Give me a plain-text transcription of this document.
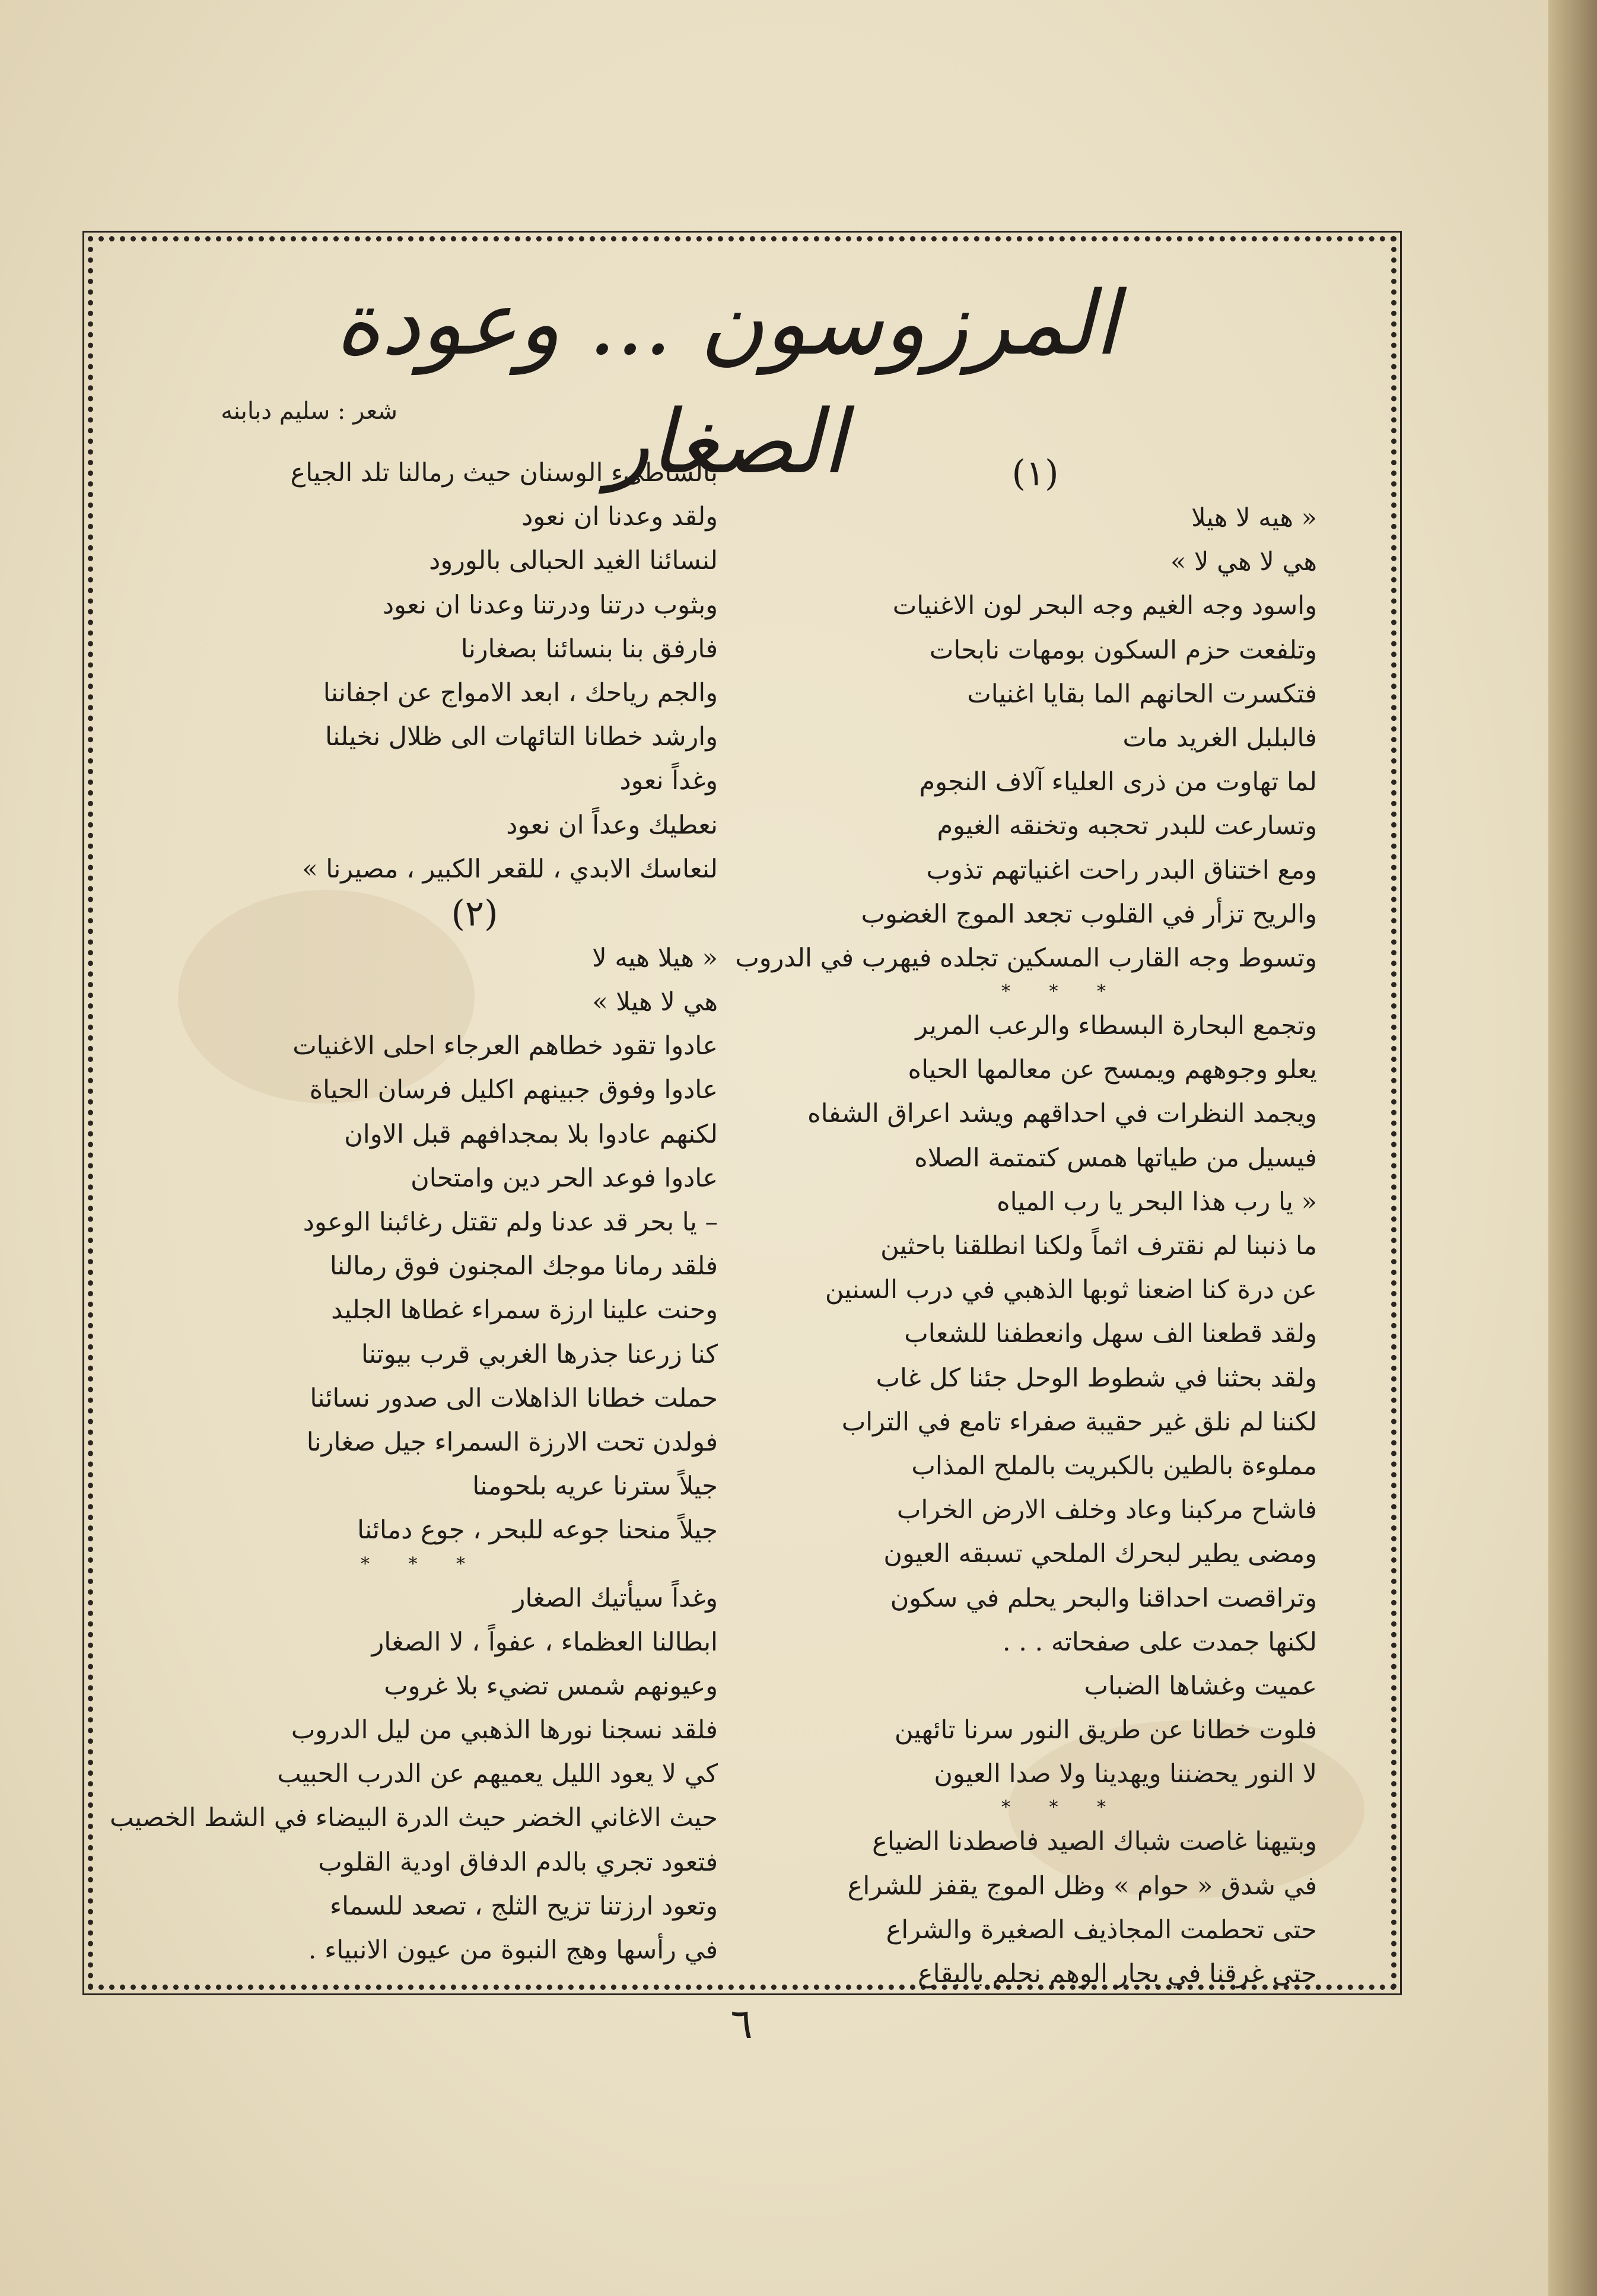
المرزوسون ... وعودة الصغار
شعر : سليم دبابنه
(١)
« هيه لا هيلا
هي لا هي لا »
واسود وجه الغيم وجه البحر لون الاغنيات
وتلفعت حزم السكون بومهات نابحات
فتكسرت الحانهم الما بقايا اغنيات
فالبلبل الغريد مات
لما تهاوت من ذرى العلياء آلاف النجوم
وتسارعت للبدر تحجبه وتخنقه الغيوم
ومع اختناق البدر راحت اغنياتهم تذوب
والريح تزأر في القلوب تجعد الموج الغضوب
وتسوط وجه القارب المسكين تجلده فيهرب في الدروب
* * *
وتجمع البحارة البسطاء والرعب المرير
يعلو وجوههم ويمسح عن معالمها الحياه
ويجمد النظرات في احداقهم ويشد اعراق الشفاه
فيسيل من طياتها همس كتمتمة الصلاه
« يا رب هذا البحر يا رب المياه
ما ذنبنا لم نقترف اثماً ولكنا انطلقنا باحثين
عن درة كنا اضعنا ثوبها الذهبي في درب السنين
ولقد قطعنا الف سهل وانعطفنا للشعاب
ولقد بحثنا في شطوط الوحل جئنا كل غاب
لكننا لم نلق غير حقيبة صفراء تامع في التراب
مملوءة بالطين بالكبريت بالملح المذاب
فاشاح مركبنا وعاد وخلف الارض الخراب
ومضى يطير لبحرك الملحي تسبقه العيون
وتراقصت احداقنا والبحر يحلم في سكون
لكنها جمدت على صفحاته . . .
عميت وغشاها الضباب
فلوت خطانا عن طريق النور سرنا تائهين
لا النور يحضننا ويهدينا ولا صدا العيون
* * *
وبتيهنا غاصت شباك الصيد فاصطدنا الضياع
في شدق « حوام » وظل الموج يقفز للشراع
حتى تحطمت المجاذيف الصغيرة والشراع
حتى غرقنا في بحار الوهم نحلم بالبقاع
بالشاطىء الوسنان حيث رمالنا تلد الجياع
ولقد وعدنا ان نعود
لنسائنا الغيد الحبالى بالورود
وبثوب درتنا ودرتنا وعدنا ان نعود
فارفق بنا بنسائنا بصغارنا
والجم رياحك ، ابعد الامواج عن اجفاننا
وارشد خطانا التائهات الى ظلال نخيلنا
وغداً نعود
نعطيك وعداً ان نعود
لنعاسك الابدي ، للقعر الكبير ، مصيرنا »
(٢)
« هيلا هيه لا
هي لا هيلا »
عادوا تقود خطاهم العرجاء احلى الاغنيات
عادوا وفوق جبينهم اكليل فرسان الحياة
لكنهم عادوا بلا بمجدافهم قبل الاوان
عادوا فوعد الحر دين وامتحان
– يا بحر قد عدنا ولم تقتل رغائبنا الوعود
فلقد رمانا موجك المجنون فوق رمالنا
وحنت علينا ارزة سمراء غطاها الجليد
كنا زرعنا جذرها الغربي قرب بيوتنا
حملت خطانا الذاهلات الى صدور نسائنا
فولدن تحت الارزة السمراء جيل صغارنا
جيلاً سترنا عريه بلحومنا
جيلاً منحنا جوعه للبحر ، جوع دمائنا
* * *
وغداً سيأتيك الصغار
ابطالنا العظماء ، عفواً ، لا الصغار
وعيونهم شمس تضيء بلا غروب
فلقد نسجنا نورها الذهبي من ليل الدروب
كي لا يعود الليل يعميهم عن الدرب الحبيب
حيث الاغاني الخضر حيث الدرة البيضاء في الشط الخصيب
فتعود تجري بالدم الدفاق اودية القلوب
وتعود ارزتنا تزيح الثلج ، تصعد للسماء
في رأسها وهج النبوة من عيون الانبياء .
٦
